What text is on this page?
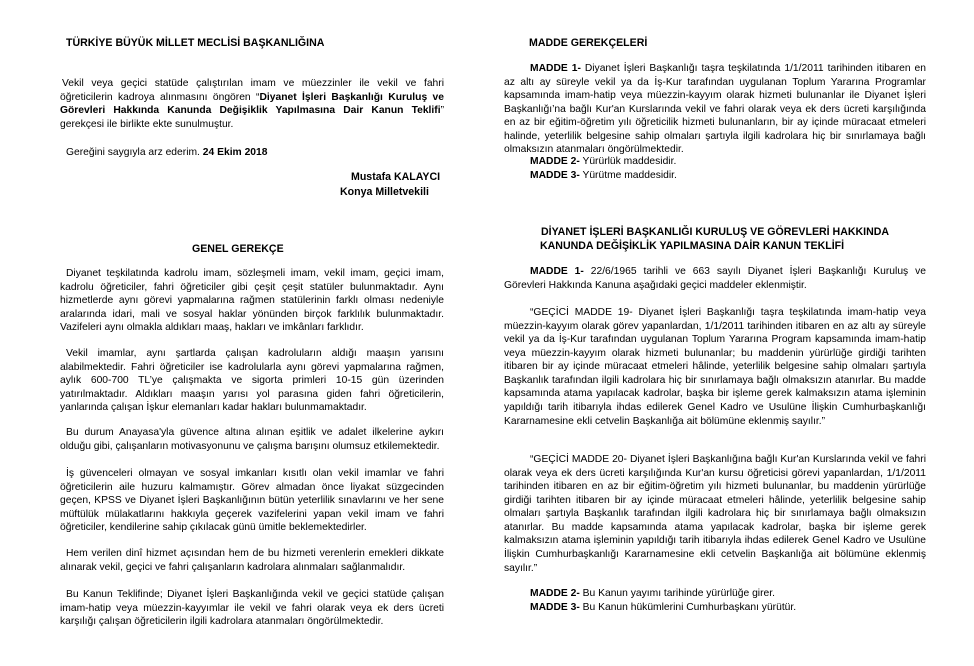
TÜRKİYE BÜYÜK MİLLET MECLİSİ BAŞKANLIĞINA

Vekil veya geçici statüde çalıştırılan imam ve müezzinler ile vekil ve fahri öğreticilerin kadroya alınmasını öngören “Diyanet İşleri Başkanlığı Kuruluş ve Görevleri Hakkında Kanunda Değişiklik Yapılmasına Dair Kanun Teklifi” gerekçesi ile birlikte ekte sunulmuştur.

Gereğini saygıyla arz ederim. 24 Ekim 2018

Mustafa KALAYCI
Konya Milletvekili
GENEL GEREKÇE

Diyanet teşkilatında kadrolu imam, sözleşmeli imam, vekil imam, geçici imam, kadrolu öğreticiler, fahri öğreticiler gibi çeşit çeşit statüler bulunmaktadır. Aynı hizmetlerde aynı görevi yapmalarına rağmen statülerinin farklı olması nedeniyle aralarında idari, mali ve sosyal haklar yönünden birçok farklılık bulunmaktadır. Vazifeleri aynı olmakla aldıkları maaş, hakları ve imkânları farklıdır.

Vekil imamlar, aynı şartlarda çalışan kadroluların aldığı maaşın yarısını alabilmektedir. Fahri öğreticiler ise kadrolularla aynı görevi yapmalarına rağmen, aylık 600-700 TL’ye çalışmakta ve sigorta primleri 10-15 gün üzerinden yatırılmaktadır. Aldıkları maaşın yarısı yol parasına giden fahri öğreticilerin, yanlarında çalışan İşkur elemanları kadar hakları bulunmamaktadır.

Bu durum Anayasa'yla güvence altına alınan eşitlik ve adalet ilkelerine aykırı olduğu gibi, çalışanların motivasyonunu ve çalışma barışını olumsuz etkilemektedir.

İş güvenceleri olmayan ve sosyal imkanları kısıtlı olan vekil imamlar ve fahri öğreticilerin aile huzuru kalmamıştır. Görev almadan önce liyakat süzgecinden geçen, KPSS ve Diyanet İşleri Başkanlığının bütün yeterlilik sınavlarını ve her sene müftülük mülakatlarını hakkıyla geçerek vazifelerini yapan vekil imam ve fahri öğreticiler, kendilerine sahip çıkılacak günü ümitle beklemektedirler.

Hem verilen dinî hizmet açısından hem de bu hizmeti verenlerin emekleri dikkate alınarak vekil, geçici ve fahri çalışanların kadrolara alınmaları sağlanmalıdır.

Bu Kanun Teklifinde; Diyanet İşleri Başkanlığında vekil ve geçici statüde çalışan imam-hatip veya müezzin-kayyımlar ile vekil ve fahri olarak veya ek ders ücreti karşılığı çalışan öğreticilerin ilgili kadrolara atanmaları öngörülmektedir.

MADDE GEREKÇELERİ

MADDE 1- Diyanet İşleri Başkanlığı taşra teşkilatında 1/1/2011 tarihinden itibaren en az altı ay süreyle vekil ya da İş-Kur tarafından uygulanan Toplum Yararına Programlar kapsamında imam-hatip veya müezzin-kayyım olarak hizmeti bulunanlar ile Diyanet İşleri Başkanlığı’na bağlı Kur'an Kurslarında vekil ve fahri olarak veya ek ders ücreti karşılığında en az bir eğitim-öğretim yılı öğreticilik hizmeti bulunanların, bir ay içinde müracaat etmeleri halinde, yeterlilik belgesine sahip olmaları şartıyla ilgili kadrolara hiç bir sınırlamaya bağlı olmaksızın atanmaları öngörülmektedir.

MADDE 2- Yürürlük maddesidir.

MADDE 3- Yürütme maddesidir.

DİYANET İŞLERİ BAŞKANLIĞI KURULUŞ VE GÖREVLERİ HAKKINDA
KANUNDA DEĞİŞİKLİK YAPILMASINA DAİR KANUN TEKLİFİ

MADDE 1- 22/6/1965 tarihli ve 663 sayılı Diyanet İşleri Başkanlığı Kuruluş ve Görevleri Hakkında Kanuna aşağıdaki geçici maddeler eklenmiştir.

“GEÇİCİ MADDE 19- Diyanet İşleri Başkanlığı taşra teşkilatında imam-hatip veya müezzin-kayyım olarak görev yapanlardan, 1/1/2011 tarihinden itibaren en az altı ay süreyle vekil ya da İş-Kur tarafından uygulanan Toplum Yararına Program kapsamında imam-hatip veya müezzin-kayyım olarak hizmeti bulunanlar; bu maddenin yürürlüğe girdiği tarihten itibaren bir ay içinde müracaat etmeleri hâlinde, yeterlilik belgesine sahip olmaları şartıyla Başkanlık tarafından ilgili kadrolara hiç bir sınırlamaya bağlı olmaksızın atanırlar. Bu madde kapsamında atama yapılacak kadrolar, başka bir işleme gerek kalmaksızın atama işleminin yapıldığı tarih itibarıyla ihdas edilerek Genel Kadro ve Usulüne İlişkin Cumhurbaşkanlığı Kararnamesine ekli cetvelin Başkanlığa ait bölümüne eklenmiş sayılır.”

“GEÇİCİ MADDE 20- Diyanet İşleri Başkanlığına bağlı Kur'an Kurslarında vekil ve fahri olarak veya ek ders ücreti karşılığında Kur'an kursu öğreticisi görevi yapanlardan, 1/1/2011 tarihinden itibaren en az bir eğitim-öğretim yılı hizmeti bulunanlar, bu maddenin yürürlüğe girdiği tarihten itibaren bir ay içinde müracaat etmeleri hâlinde, yeterlilik belgesine sahip olmaları şartıyla Başkanlık tarafından ilgili kadrolara hiç bir sınırlamaya bağlı olmaksızın atanırlar. Bu madde kapsamında atama yapılacak kadrolar, başka bir işleme gerek kalmaksızın atama işleminin yapıldığı tarih itibarıyla ihdas edilerek Genel Kadro ve Usulüne İlişkin Cumhurbaşkanlığı Kararnamesine ekli cetvelin Başkanlığa ait bölümüne eklenmiş sayılır.”

MADDE 2- Bu Kanun yayımı tarihinde yürürlüğe girer.

MADDE 3- Bu Kanun hükümlerini Cumhurbaşkanı yürütür.
